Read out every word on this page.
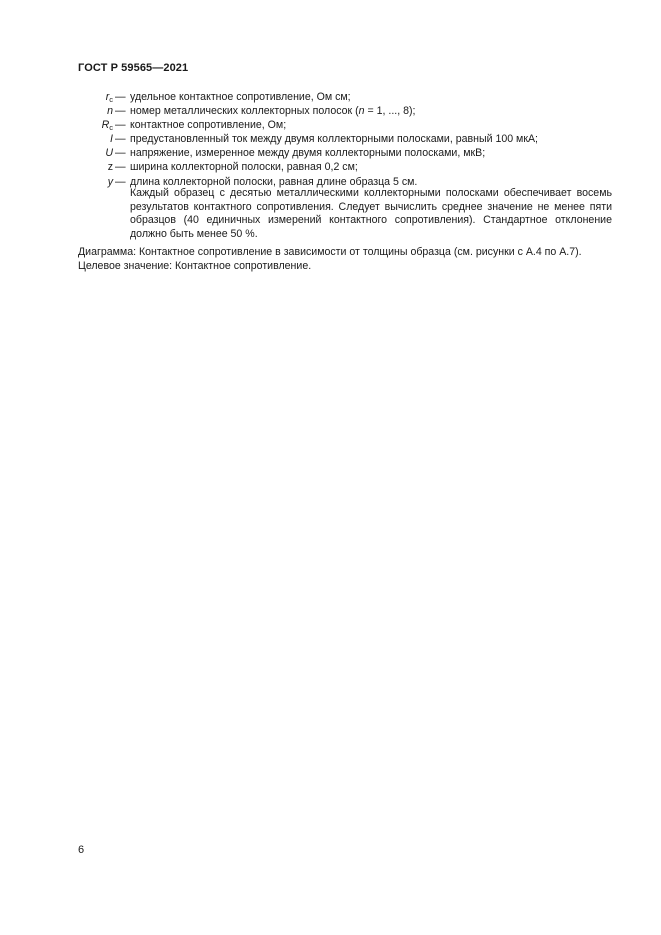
ГОСТ Р 59565—2021
$r_c$ — удельное контактное сопротивление, Ом см;
n — номер металлических коллекторных полосок (n = 1, ..., 8);
$R_c$ — контактное сопротивление, Ом;
I — предустановленный ток между двумя коллекторными полосками, равный 100 мкА;
U — напряжение, измеренное между двумя коллекторными полосками, мкВ;
z — ширина коллекторной полоски, равная 0,2 см;
y — длина коллекторной полоски, равная длине образца 5 см.
Каждый образец с десятью металлическими коллекторными полосками обеспечивает восемь результатов контактного сопротивления. Следует вычислить среднее значение не менее пяти образцов (40 единичных измерений контактного сопротивления). Стандартное отклонение должно быть менее 50 %.
Диаграмма: Контактное сопротивление в зависимости от толщины образца (см. рисунки с А.4 по А.7).
Целевое значение: Контактное сопротивление.
6
